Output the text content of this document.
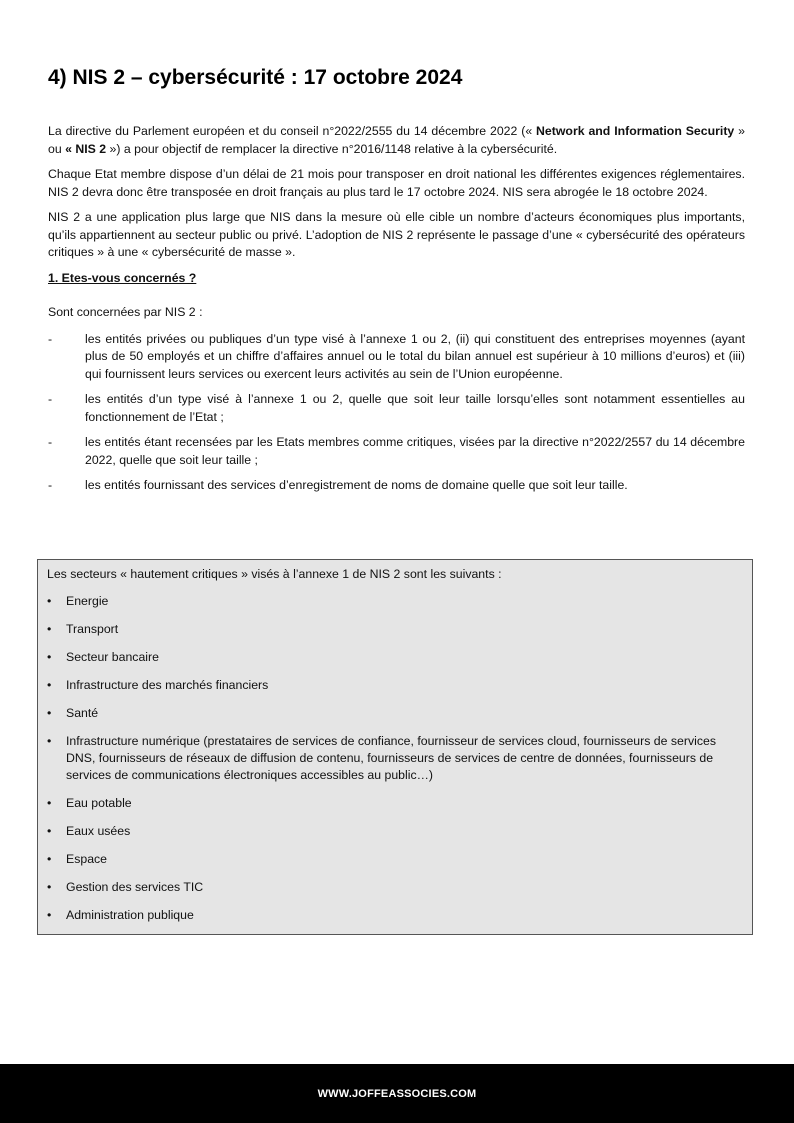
4) NIS 2 – cybersécurité : 17 octobre 2024

La directive du Parlement européen et du conseil n°2022/2555 du 14 décembre 2022 (« Network and Information Security » ou « NIS 2 ») a pour objectif de remplacer la directive n°2016/1148 relative à la cybersécurité.

Chaque Etat membre dispose d’un délai de 21 mois pour transposer en droit national les différentes exigences réglementaires. NIS 2 devra donc être transposée en droit français au plus tard le 17 octobre 2024. NIS sera abrogée le 18 octobre 2024.

NIS 2 a une application plus large que NIS dans la mesure où elle cible un nombre d’acteurs économiques plus importants, qu’ils appartiennent au secteur public ou privé. L’adoption de NIS 2 représente le passage d’une « cybersécurité des opérateurs critiques » à une « cybersécurité de masse ».

1. Etes-vous concernés ?

Sont concernées par NIS 2 :

-	les entités privées ou publiques d’un type visé à l’annexe 1 ou 2, (ii) qui constituent des entreprises moyennes (ayant plus de 50 employés et un chiffre d’affaires annuel ou le total du bilan annuel est supérieur à 10 millions d’euros) et (iii) qui fournissent leurs services ou exercent leurs activités au sein de l’Union européenne.
-	les entités d’un type visé à l’annexe 1 ou 2, quelle que soit leur taille lorsqu’elles sont notamment essentielles au fonctionnement de l’Etat ;
-	les entités étant recensées par les Etats membres comme critiques, visées par la directive n°2022/2557 du 14 décembre 2022, quelle que soit leur taille ;
-	les entités fournissant des services d’enregistrement de noms de domaine quelle que soit leur taille.

Les secteurs « hautement critiques » visés à l’annexe 1 de NIS 2 sont les suivants :

•	Energie
•	Transport
•	Secteur bancaire
•	Infrastructure des marchés financiers
•	Santé
•	Infrastructure numérique (prestataires de services de confiance, fournisseur de services cloud, fournisseurs de services DNS, fournisseurs de réseaux de diffusion de contenu, fournisseurs de services de centre de données, fournisseurs de services de communications électroniques accessibles au public…)
•	Eau potable
•	Eaux usées
•	Espace
•	Gestion des services TIC
•	Administration publique
WWW.JOFFEASSOCIES.COM
